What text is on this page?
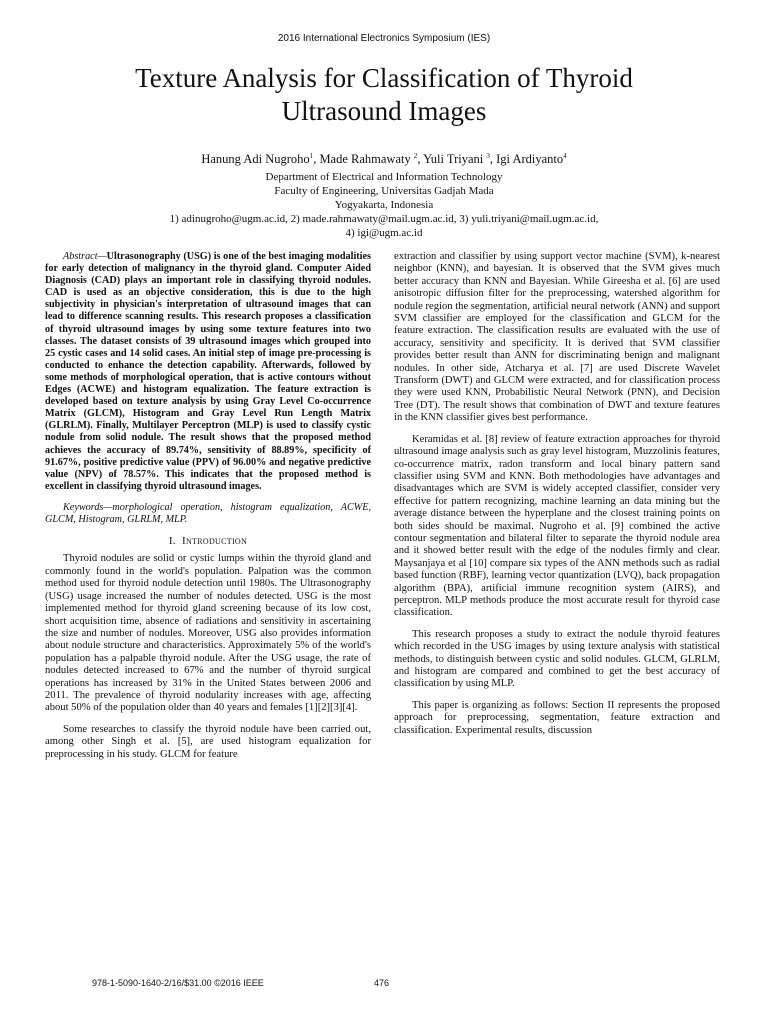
2016 International Electronics Symposium (IES)
Texture Analysis for Classification of Thyroid
Ultrasound Images
Hanung Adi Nugroho$^1$, Made Rahmawaty $^2$, Yuli Triyani $^3$, Igi Ardiyanto$^4$
Department of Electrical and Information Technology
Faculty of Engineering, Universitas Gadjah Mada
Yogyakarta, Indonesia
1) adinugroho@ugm.ac.id, 2) made.rahmawaty@mail.ugm.ac.id, 3) yuli.triyani@mail.ugm.ac.id,
4) igi@ugm.ac.id

Abstract—Ultrasonography (USG) is one of the best imaging modalities for early detection of malignancy in the thyroid gland. Computer Aided Diagnosis (CAD) plays an important role in classifying thyroid nodules. CAD is used as an objective consideration, this is due to the high subjectivity in physician's interpretation of ultrasound images that can lead to difference scanning results. This research proposes a classification of thyroid ultrasound images by using some texture features into two classes. The dataset consists of 39 ultrasound images which grouped into 25 cystic cases and 14 solid cases. An initial step of image pre-processing is conducted to enhance the detection capability. Afterwards, followed by some methods of morphological operation, that is active contours without Edges (ACWE) and histogram equalization. The feature extraction is developed based on texture analysis by using Gray Level Co-occurrence Matrix (GLCM), Histogram and Gray Level Run Length Matrix (GLRLM). Finally, Multilayer Perceptron (MLP) is used to classify cystic nodule from solid nodule. The result shows that the proposed method achieves the accuracy of 89.74%, sensitivity of 88.89%, specificity of 91.67%, positive predictive value (PPV) of 96.00% and negative predictive value (NPV) of 78.57%. This indicates that the proposed method is excellent in classifying thyroid ultrasound images.

Keywords—morphological operation, histogram equalization, ACWE, GLCM, Histogram, GLRLM, MLP.

I. Introduction

Thyroid nodules are solid or cystic lumps within the thyroid gland and commonly found in the world's population. Palpation was the common method used for thyroid nodule detection until 1980s. The Ultrasonography (USG) usage increased the number of nodules detected. USG is the most implemented method for thyroid gland screening because of its low cost, short acquisition time, absence of radiations and sensitivity in ascertaining the size and number of nodules. Moreover, USG also provides information about nodule structure and characteristics. Approximately 5% of the world's population has a palpable thyroid nodule. After the USG usage, the rate of nodules detected increased to 67% and the number of thyroid surgical operations has increased by 31% in the United States between 2006 and 2011. The prevalence of thyroid nodularity increases with age, affecting about 50% of the population older than 40 years and females [1][2][3][4].

Some researches to classify the thyroid nodule have been carried out, among other Singh et al. [5], are used histogram equalization for preprocessing in his study. GLCM for feature

extraction and classifier by using support vector machine (SVM), k-nearest neighbor (KNN), and bayesian. It is observed that the SVM gives much better accuracy than KNN and Bayesian. While Gireesha et al. [6] are used anisotropic diffusion filter for the preprocessing, watershed algorithm for nodule region the segmentation, artificial neural network (ANN) and support SVM classifier are employed for the classification and GLCM for the feature extraction. The classification results are evaluated with the use of accuracy, sensitivity and specificity. It is derived that SVM classifier provides better result than ANN for discriminating benign and malignant nodules. In other side, Atcharya et al. [7] are used Discrete Wavelet Transform (DWT) and GLCM were extracted, and for classification process they were used KNN, Probabilistic Neural Network (PNN), and Decision Tree (DT). The result shows that combination of DWT and texture features in the KNN classifier gives best performance.

Keramidas et al. [8] review of feature extraction approaches for thyroid ultrasound image analysis such as gray level histogram, Muzzolinis features, co-occurrence matrix, radon transform and local binary pattern sand classifier using SVM and KNN. Both methodologies have advantages and disadvantages which are SVM is widely accepted classifier, consider very effective for pattern recognizing, machine learning an data mining but the average distance between the hyperplane and the closest training points on both sides should be maximal. Nugroho et al. [9] combined the active contour segmentation and bilateral filter to separate the thyroid nodule area and it showed better result with the edge of the nodules firmly and clear. Maysanjaya et al [10] compare six types of the ANN methods such as radial based function (RBF), learning vector quantization (LVQ), back propagation algorithm (BPA), artificial immune recognition system (AIRS), and perceptron. MLP methods produce the most accurate result for thyroid case classification.

This research proposes a study to extract the nodule thyroid features which recorded in the USG images by using texture analysis with statistical methods, to distinguish between cystic and solid nodules. GLCM, GLRLM, and histogram are compared and combined to get the best accuracy of classification by using MLP.

This paper is organizing as follows: Section II represents the proposed approach for preprocessing, segmentation, feature extraction and classification. Experimental results, discussion

978-1-5090-1640-2/16/$31.00 ©2016 IEEE	476
